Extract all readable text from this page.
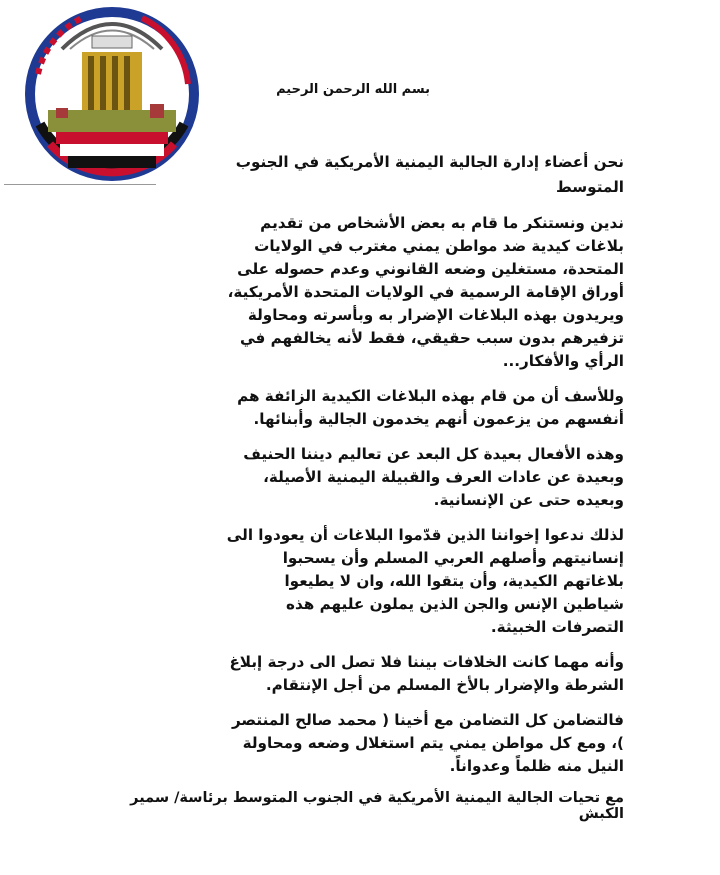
بسم الله الرحمن الرحيم

نحن أعضاء إدارة الجالية اليمنية الأمريكية في الجنوب المتوسط

ندين ونستنكر ما قام به بعض الأشخاص من تقديم بلاغات كيدية ضد مواطن يمني مغترب في الولايات المتحدة، مستغلين وضعه القانوني وعدم حصوله على أوراق الإقامة الرسمية في الولايات المتحدة الأمريكية، ويريدون بهذه البلاغات الإضرار به وبأسرته ومحاولة تزفيرهم بدون سبب حقيقي، فقط لأنه يخالفهم في الرأي والأفكار...

وللأسف أن من قام بهذه البلاغات الكيدية الزائفة هم أنفسهم من يزعمون أنهم يخدمون الجالية وأبنائها.

وهذه الأفعال بعيدة كل البعد عن تعاليم ديننا الحنيف وبعيدة عن عادات العرف والقبيلة اليمنية الأصيلة، وبعيده حتى عن الإنسانية.

لذلك ندعوا إخواننا الذين قدّموا البلاغات أن يعودوا الى إنسانيتهم وأصلهم العربي المسلم وأن يسحبوا بلاغاتهم الكيدية، وأن يتقوا الله، وان لا يطيعوا شياطين الإنس والجن الذين يملون عليهم هذه التصرفات الخبيثة.

وأنه مهما كانت الخلافات بيننا فلا تصل الى درجة إبلاغ الشرطة والإضرار بالأخ المسلم من أجل الإنتقام.

فالتضامن كل التضامن مع أخينا ( محمد صالح المنتصر )، ومع كل مواطن يمني يتم استغلال وضعه ومحاولة النيل منه ظلماً وعدواناً.

مع تحيات الجالية اليمنية الأمريكية في الجنوب المتوسط برئاسة/ سمير الكبش
